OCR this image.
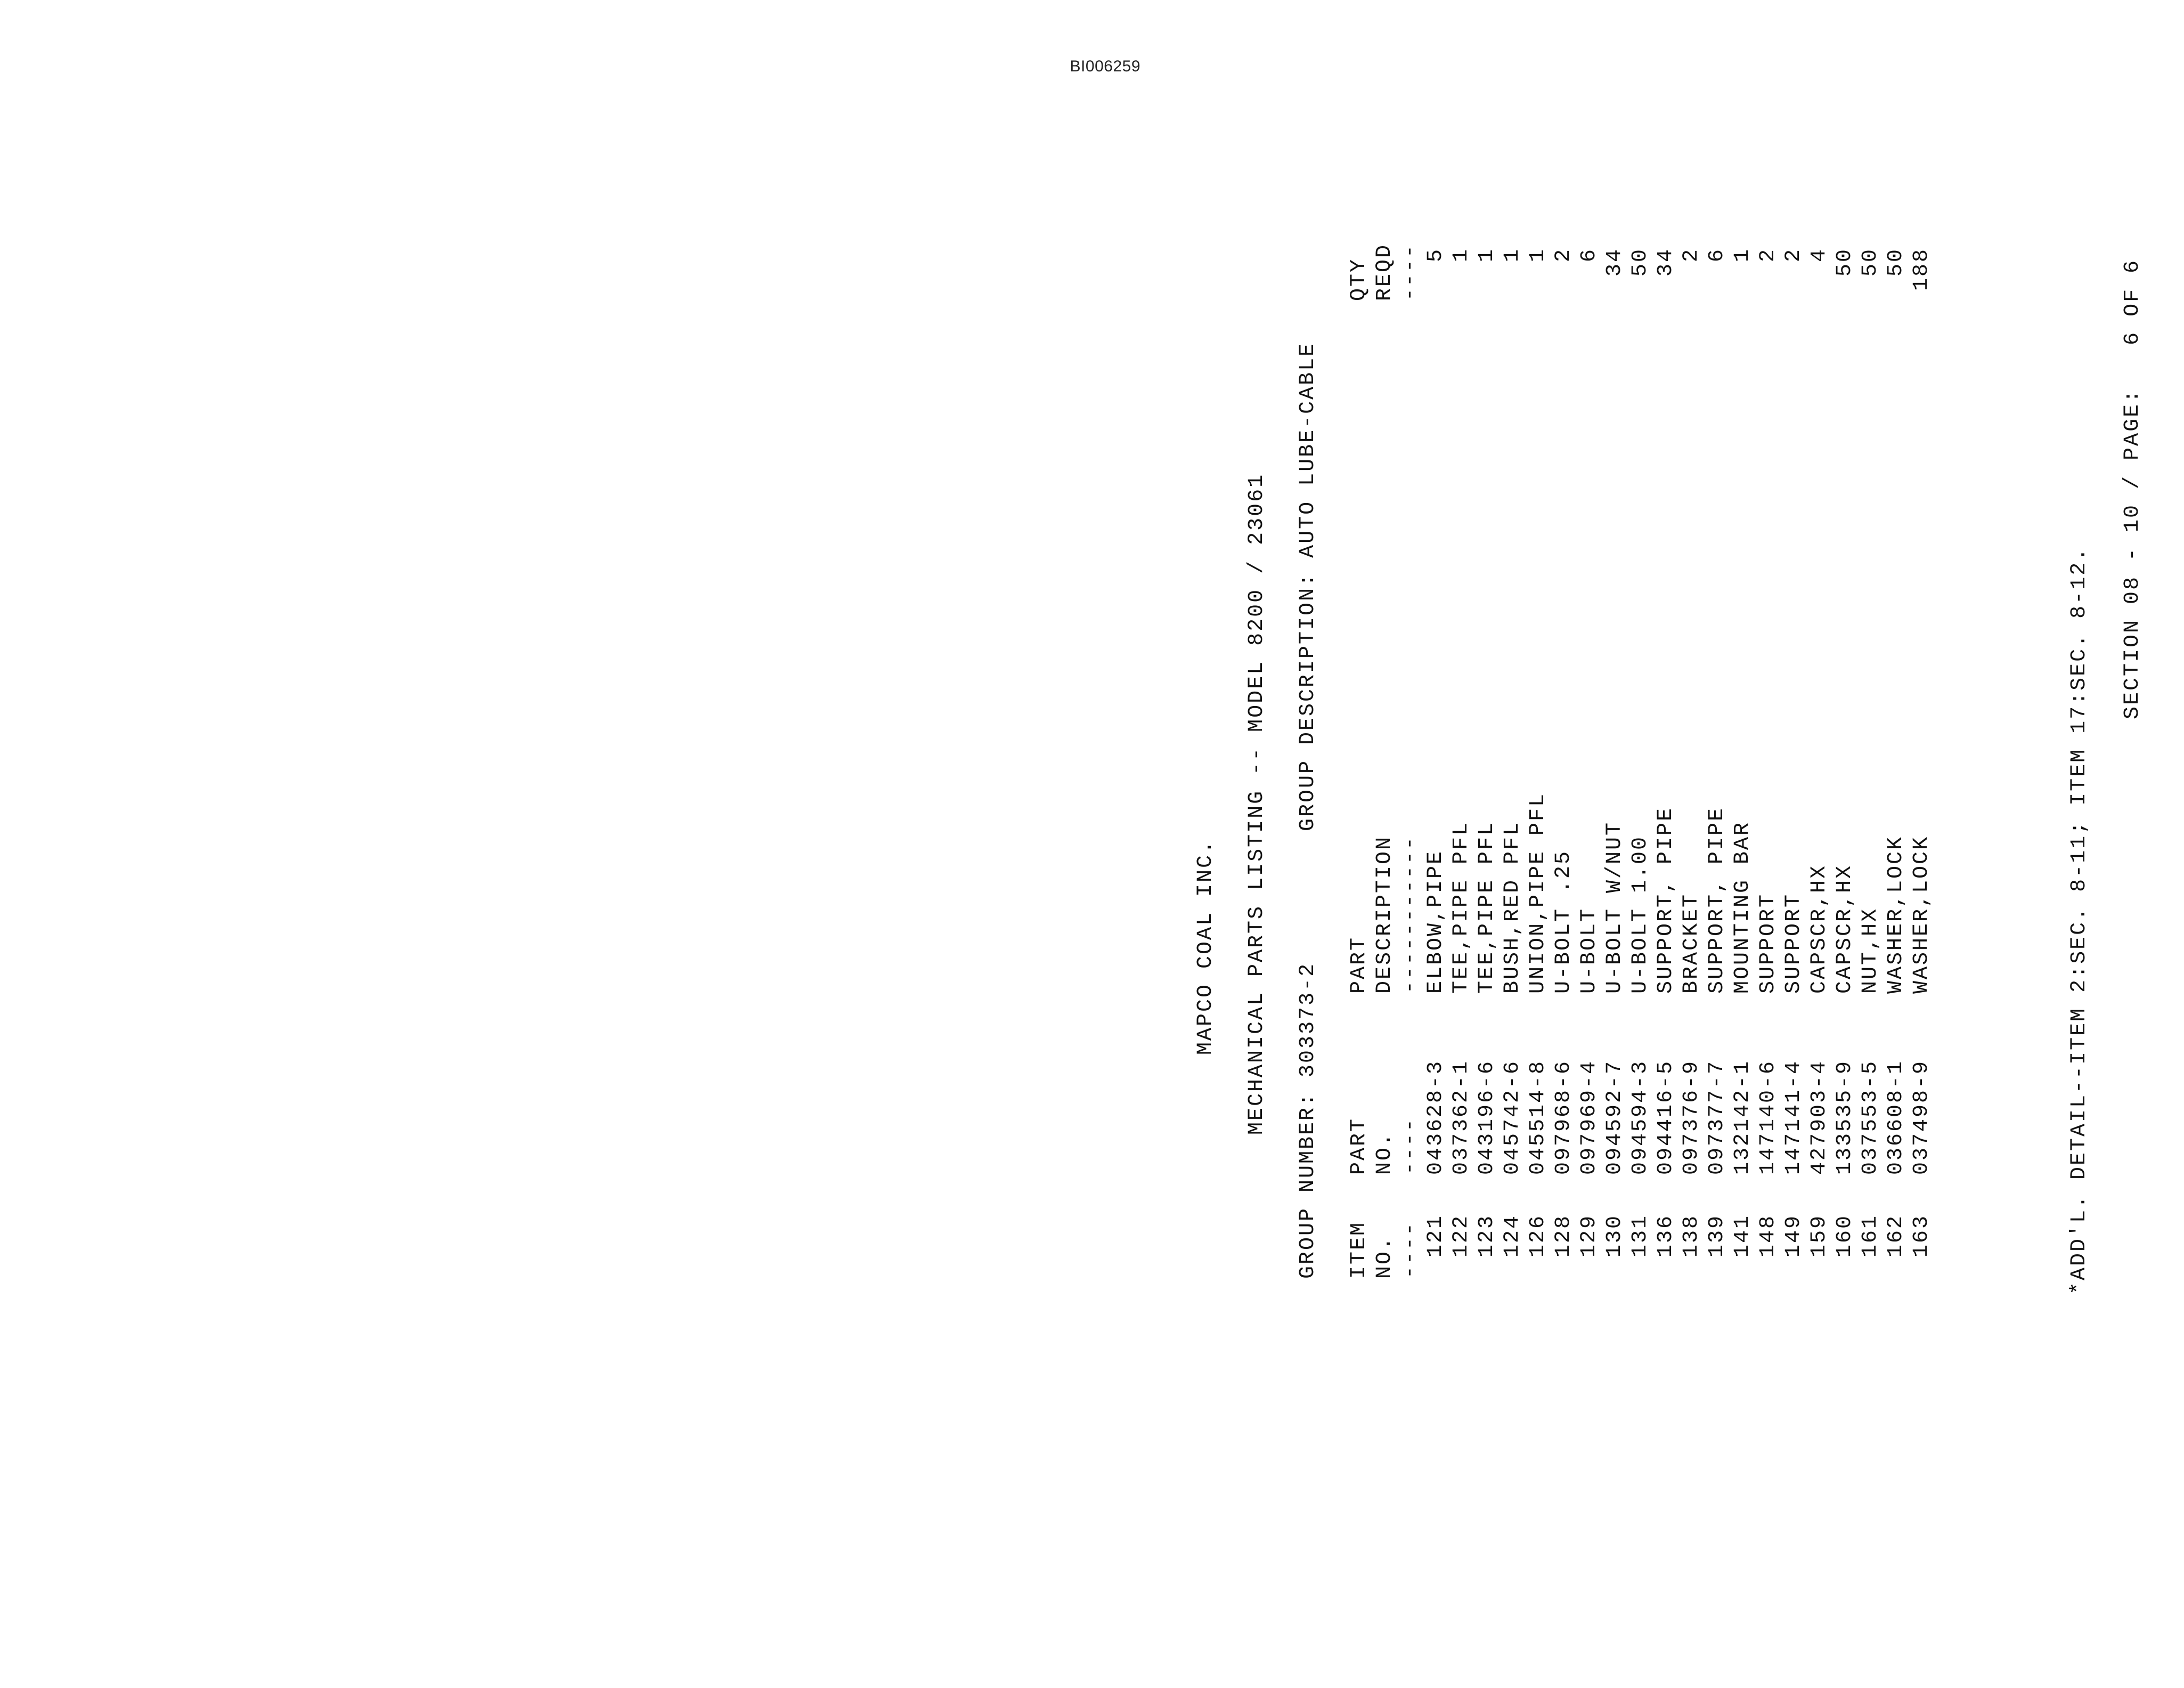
BI006259

MAPCO COAL INC.

MECHANICAL PARTS LISTING -- MODEL 8200 / 23061

GROUP NUMBER: 303373-2

GROUP DESCRIPTION: AUTO LUBE-CABLE

ITEM

PART

PART

QTY

NO.

NO.

DESCRIPTION

REQD

----

----

-----------

----

121

043628-3

ELBOW,PIPE

5

122

037362-1

TEE,PIPE PFL

1

123

043196-6

TEE,PIPE PFL

1

124

045742-6

BUSH,RED PFL

1

126

045514-8

UNION,PIPE PFL

1

128

097968-6

U-BOLT .25

2

129

097969-4

U-BOLT

6

130

094592-7

U-BOLT W/NUT

34

131

094594-3

U-BOLT 1.00

50

136

094416-5

SUPPORT, PIPE

34

138

097376-9

BRACKET

2

139

097377-7

SUPPORT, PIPE

6

141

132142-1

MOUNTING BAR

1

148

147140-6

SUPPORT

2

149

147141-4

SUPPORT

2

159

427903-4

CAPSCR,HX

4

160

133535-9

CAPSCR,HX

50

161

037553-5

NUT,HX

50

162

036608-1

WASHER,LOCK

50

163

037498-9

WASHER,LOCK

188

*ADD'L. DETAIL--ITEM 2:SEC. 8-11; ITEM 17:SEC. 8-12.

SECTION 08 - 10 / PAGE:   6 OF 6
